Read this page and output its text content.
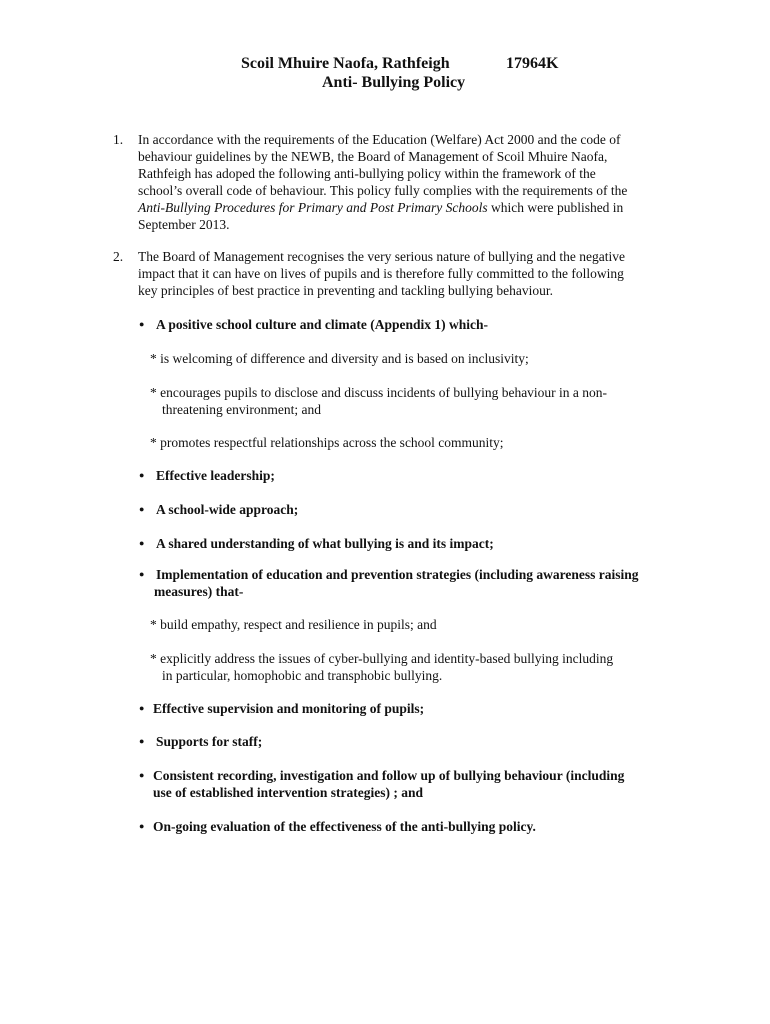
Scoil Mhuire Naofa, Rathfeigh	17964K
Anti- Bullying Policy
1. In accordance with the requirements of the Education (Welfare) Act 2000 and the code of
behaviour guidelines by the NEWB, the Board of Management of Scoil Mhuire Naofa,
Rathfeigh has adoped the following anti-bullying policy within the framework of the
school’s overall code of behaviour. This policy fully complies with the requirements of the
Anti-Bullying Procedures for Primary and Post Primary Schools which were published in
September 2013.
2. The Board of Management recognises the very serious nature of bullying and the negative
impact that it can have on lives of pupils and is therefore fully committed to the following
key principles of best practice in preventing and tackling bullying behaviour.
● A positive school culture and climate (Appendix 1) which-
* is welcoming of difference and diversity and is based on inclusivity;
* encourages pupils to disclose and discuss incidents of bullying behaviour in a non-
threatening environment; and
* promotes respectful relationships across the school community;
● Effective leadership;
● A school-wide approach;
● A shared understanding of what bullying is and its impact;
● Implementation of education and prevention strategies (including awareness raising
measures) that-
* build empathy, respect and resilience in pupils; and
* explicitly address the issues of cyber-bullying and identity-based bullying including
in particular, homophobic and transphobic bullying.
● Effective supervision and monitoring of pupils;
● Supports for staff;
● Consistent recording, investigation and follow up of bullying behaviour (including
use of established intervention strategies) ; and
● On-going evaluation of the effectiveness of the anti-bullying policy.
